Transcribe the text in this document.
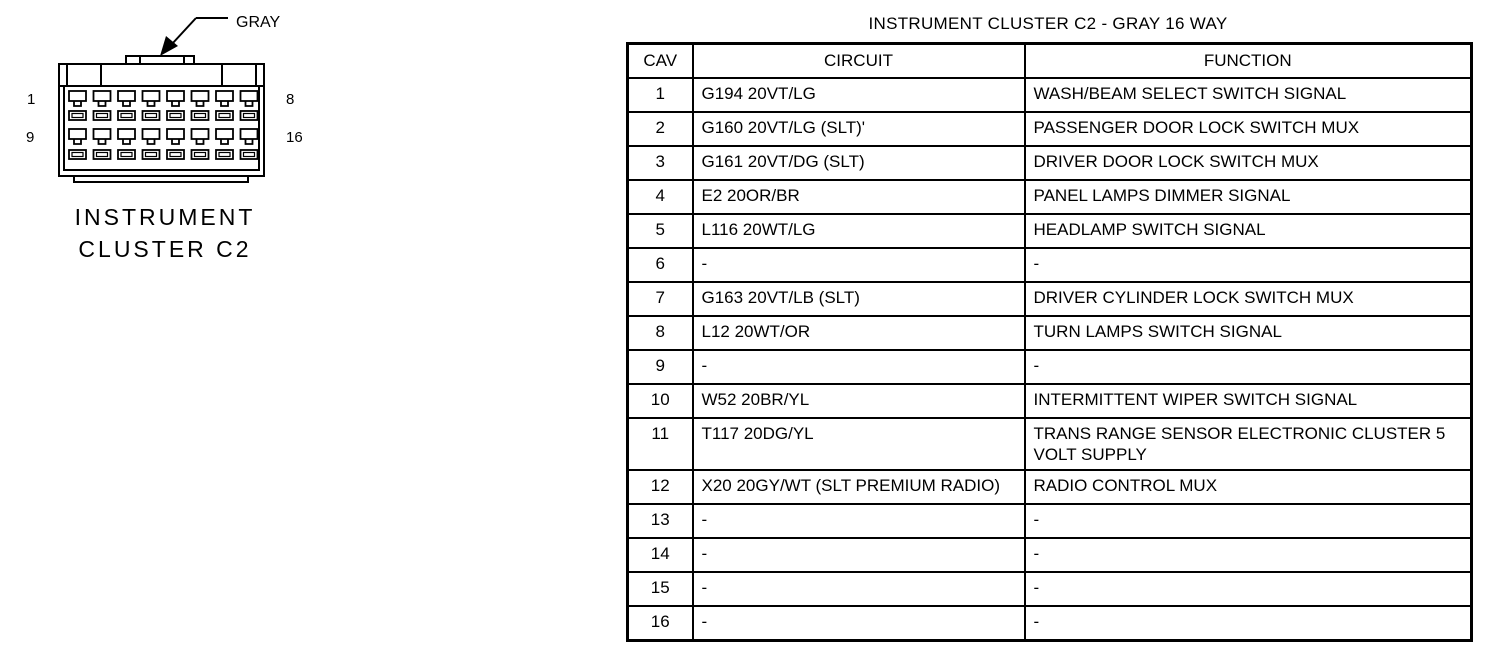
GRAY
1	8
9	16
INSTRUMENT
CLUSTER C2
INSTRUMENT CLUSTER C2 - GRAY 16 WAY
CAV	CIRCUIT	FUNCTION
1	G194 20VT/LG	WASH/BEAM SELECT SWITCH SIGNAL
2	G160 20VT/LG (SLT)'	PASSENGER DOOR LOCK SWITCH MUX
3	G161 20VT/DG (SLT)	DRIVER DOOR LOCK SWITCH MUX
4	E2 20OR/BR	PANEL LAMPS DIMMER SIGNAL
5	L116 20WT/LG	HEADLAMP SWITCH SIGNAL
6	-	-
7	G163 20VT/LB (SLT)	DRIVER CYLINDER LOCK SWITCH MUX
8	L12 20WT/OR	TURN LAMPS SWITCH SIGNAL
9	-	-
10	W52 20BR/YL	INTERMITTENT WIPER SWITCH SIGNAL
11	T117 20DG/YL	TRANS RANGE SENSOR ELECTRONIC CLUSTER 5 VOLT SUPPLY
12	X20 20GY/WT (SLT PREMIUM RADIO)	RADIO CONTROL MUX
13	-	-
14	-	-
15	-	-
16	-	-
